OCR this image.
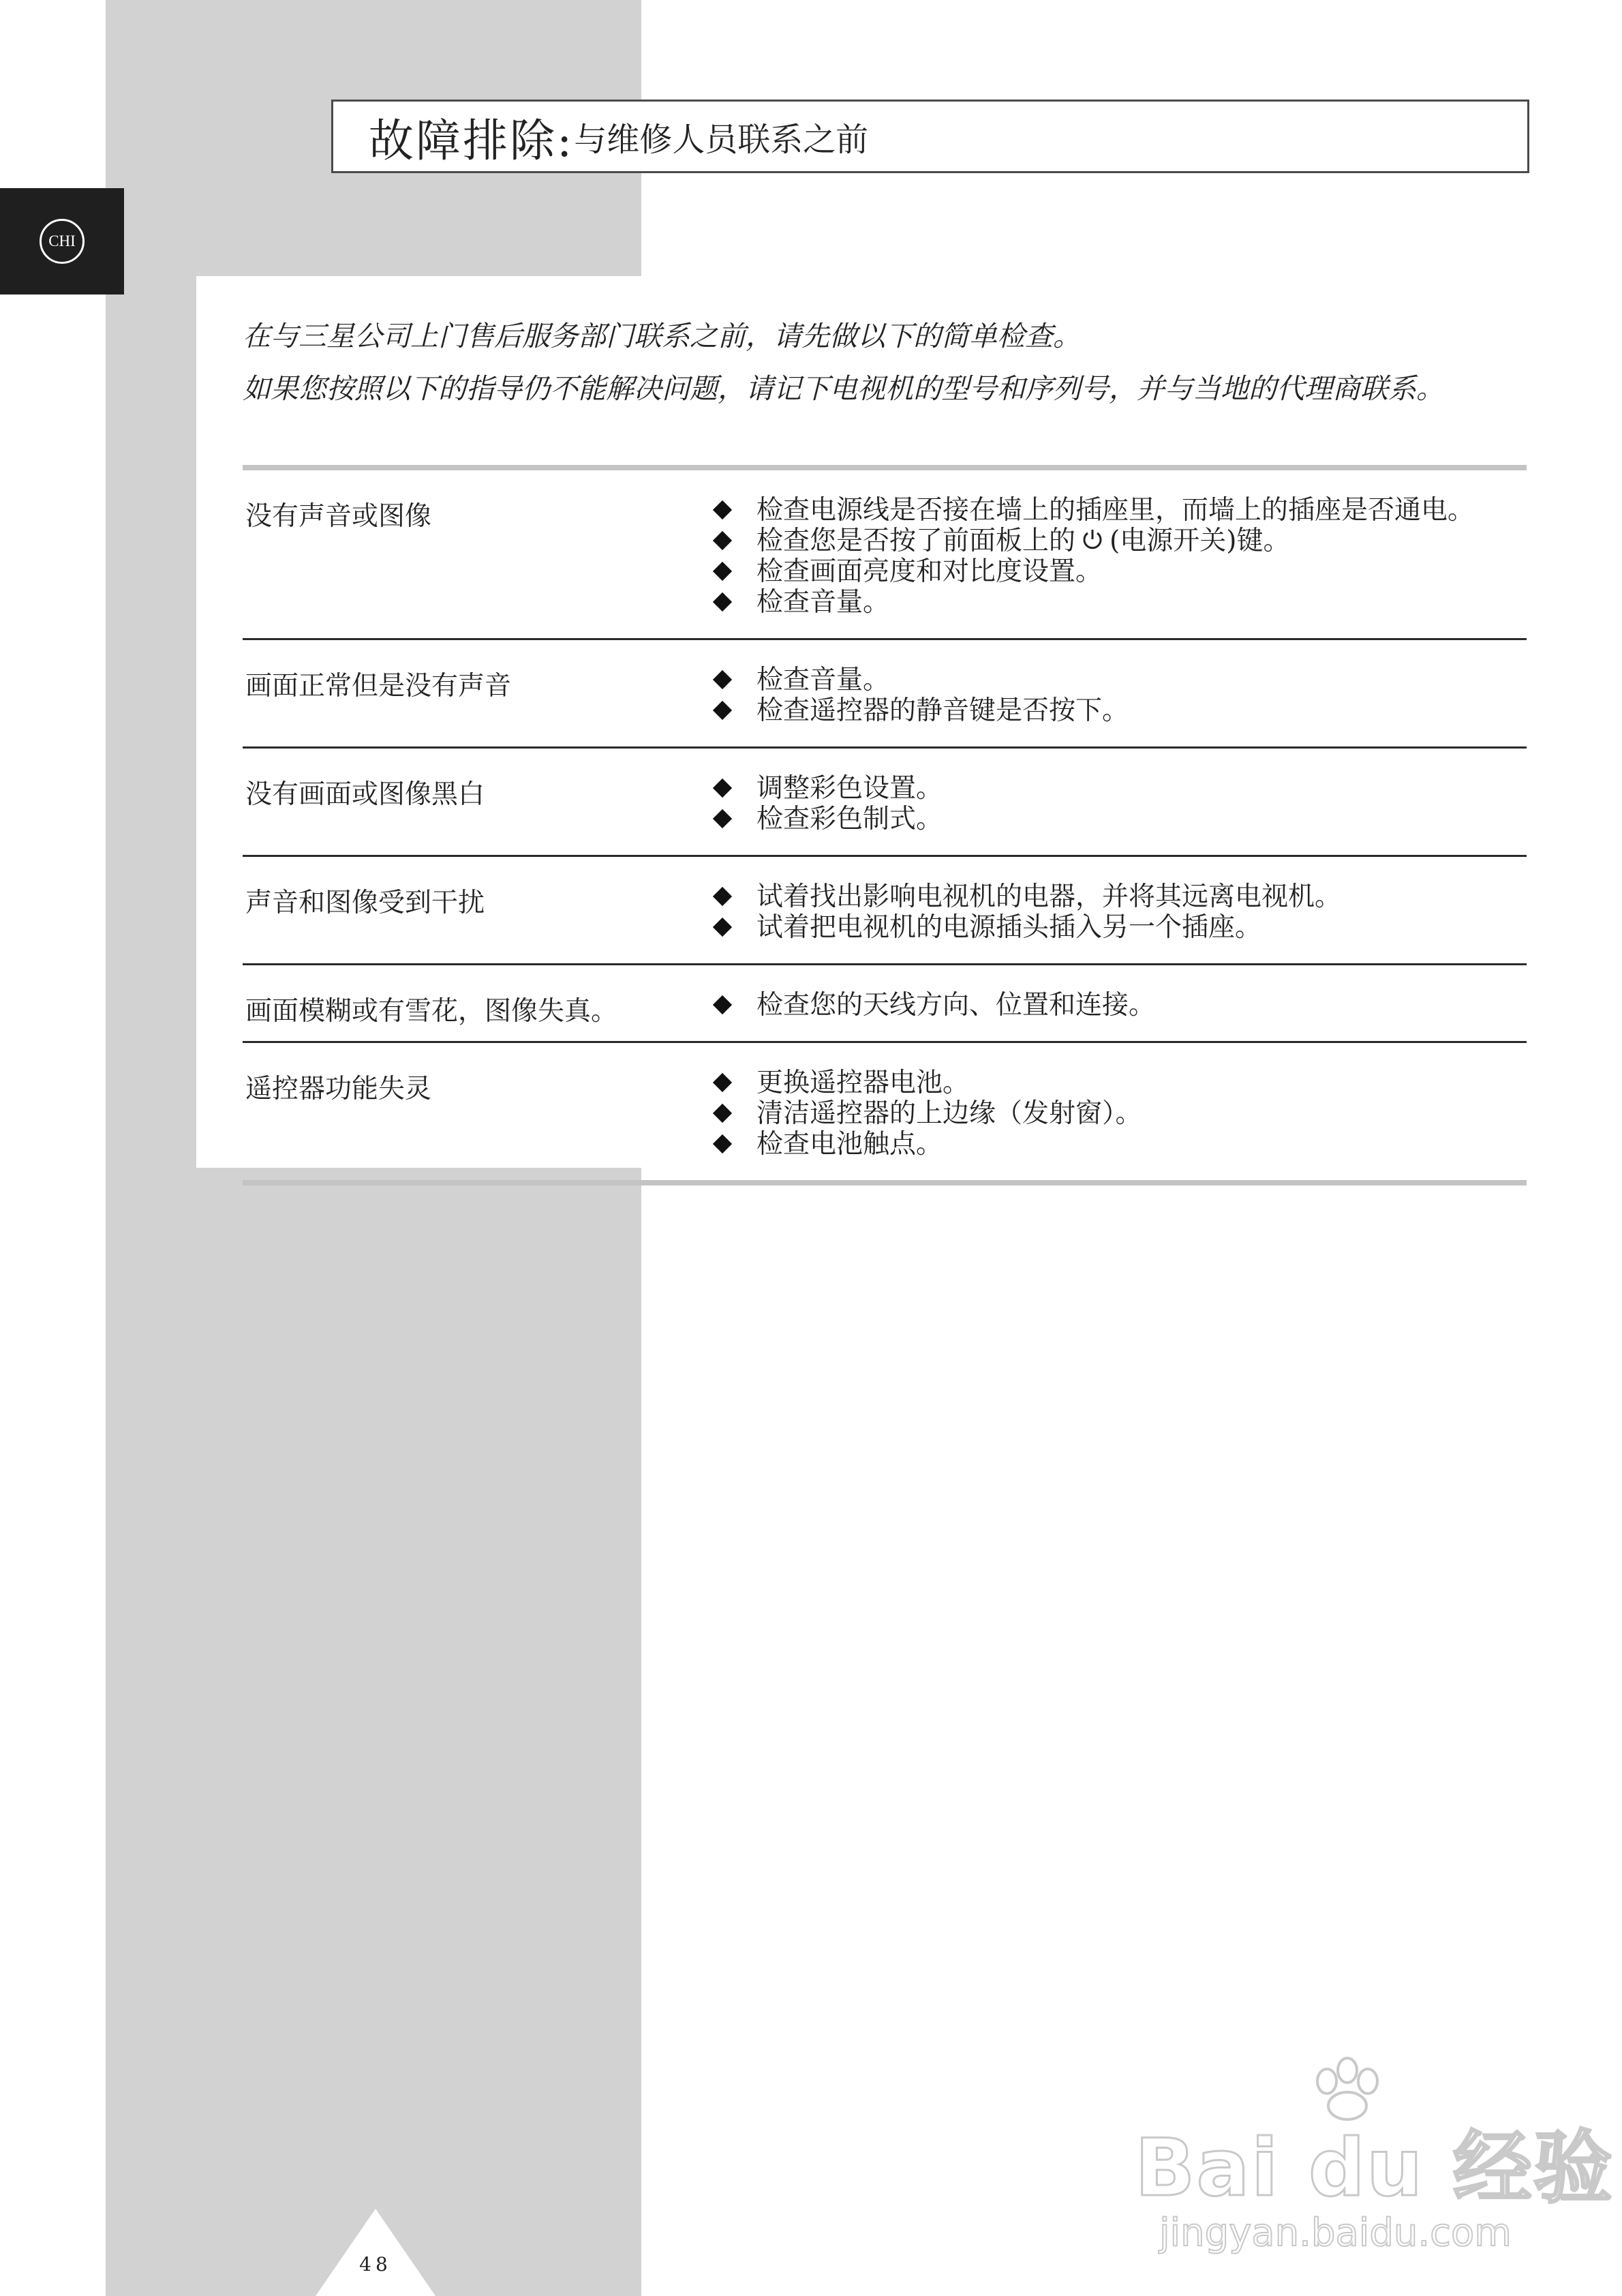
故障排除: 与维修人员联系之前
CHI
在与三星公司上门售后服务部门联系之前，请先做以下的简单检查。
如果您按照以下的指导仍不能解决问题，请记下电视机的型号和序列号，并与当地的代理商联系。
没有声音或图像	检查电源线是否接在墙上的插座里，而墙上的插座是否通电。
检查您是否按了前面板上的 (电源开关)键。
检查画面亮度和对比度设置。
检查音量。
画面正常但是没有声音	检查音量。
检查遥控器的静音键是否按下。
没有画面或图像黑白	调整彩色设置。
检查彩色制式。
声音和图像受到干扰	试着找出影响电视机的电器，并将其远离电视机。
试着把电视机的电源插头插入另一个插座。
画面模糊或有雪花，图像失真。	检查您的天线方向、位置和连接。
遥控器功能失灵	更换遥控器电池。
清洁遥控器的上边缘（发射窗）。
检查电池触点。
48
Bai du 经验
jingyan.baidu.com
